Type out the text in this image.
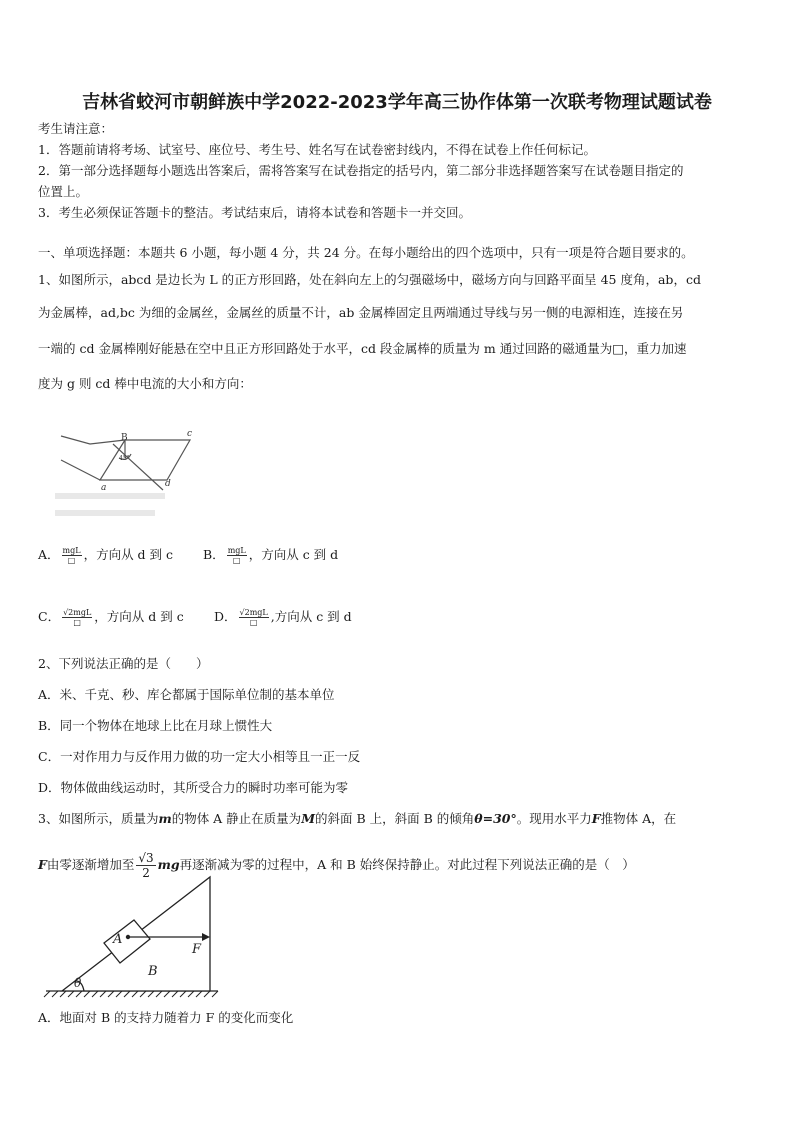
吉林省蛟河市朝鲜族中学2022-2023学年高三协作体第一次联考物理试题试卷
考生请注意：
1．答题前请将考场、试室号、座位号、考生号、姓名写在试卷密封线内，不得在试卷上作任何标记。
2．第一部分选择题每小题选出答案后，需将答案写在试卷指定的括号内，第二部分非选择题答案写在试卷题目指定的
位置上。
3．考生必须保证答题卡的整洁。考试结束后，请将本试卷和答题卡一并交回。
一、单项选择题：本题共 6 小题，每小题 4 分，共 24 分。在每小题给出的四个选项中，只有一项是符合题目要求的。
1、如图所示，abcd 是边长为 L 的正方形回路，处在斜向左上的匀强磁场中，磁场方向与回路平面呈 45 度角，ab，cd
为金属棒，ad,bc 为细的金属丝，金属丝的质量不计，ab 金属棒固定且两端通过导线与另一侧的电源相连，连接在另
一端的 cd 金属棒刚好能悬在空中且正方形回路处于水平，cd 段金属棒的质量为 m 通过回路的磁通量为□，重力加速
度为 g 则 cd 棒中电流的大小和方向：
B	c
a	d
45°
A． $\frac{\text{mgL}}{□}$ ，方向从 d 到 c B． $\frac{\text{mgL}}{□}$ ，方向从 c 到 d
C． $\frac{\text{√2mgL}}{□}$ ，方向从 d 到 c D． $\frac{\text{√2mgL}}{□}$ ,方向从 c 到 d
2、下列说法正确的是（　　）
A．米、千克、秒、库仑都属于国际单位制的基本单位
B．同一个物体在地球上比在月球上惯性大
C．一对作用力与反作用力做的功一定大小相等且一正一反
D．物体做曲线运动时，其所受合力的瞬时功率可能为零
3、如图所示，质量为m的物体 A 静止在质量为M的斜面 B 上，斜面 B 的倾角θ=30°。现用水平力F推物体 A，在
F由零逐渐增加至 $\frac{√3}{2}$ mg再逐渐减为零的过程中，A 和 B 始终保持静止。对此过程下列说法正确的是（　）
A
F
B
θ
A．地面对 B 的支持力随着力 F 的变化而变化
